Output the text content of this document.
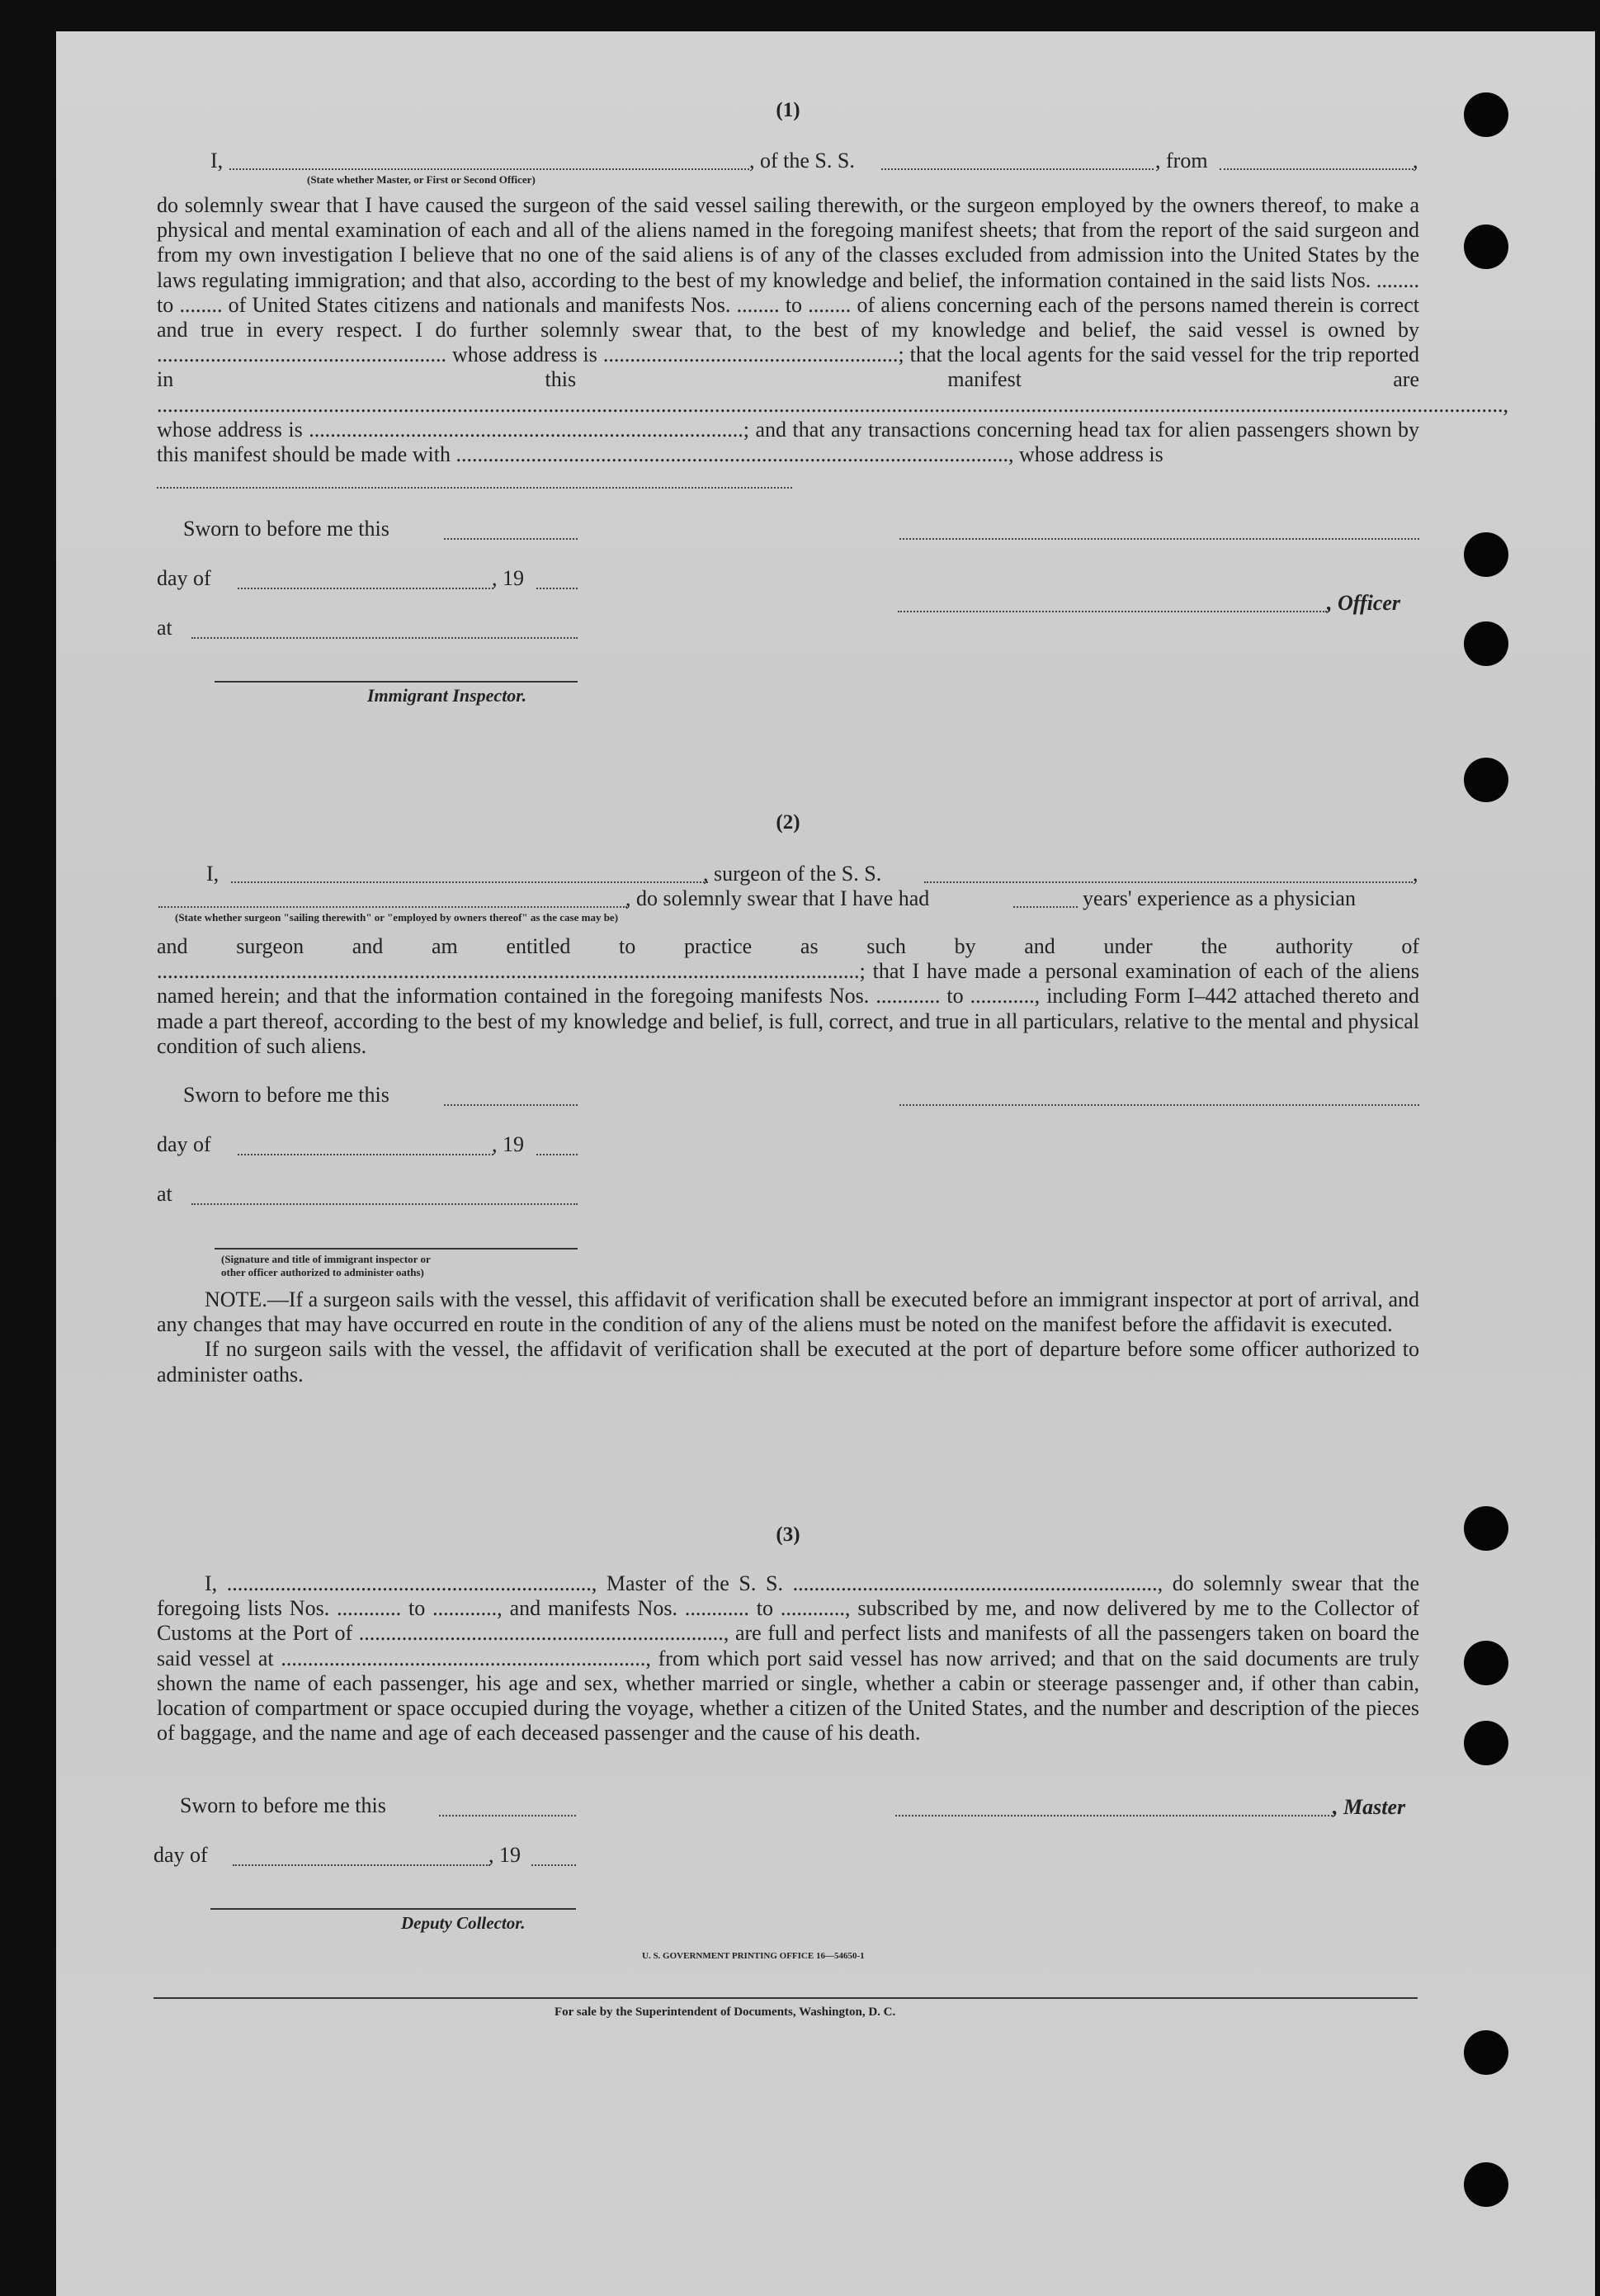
(1)
I,	, of the S. S.	, from	,
(State whether Master, or First or Second Officer)

do solemnly swear that I have caused the surgeon of the said vessel sailing therewith, or the surgeon employed by the owners thereof, to make a physical and mental examination of each and all of the aliens named in the foregoing manifest sheets; that from the report of the said surgeon and from my own investigation I believe that no one of the said aliens is of any of the classes excluded from admission into the United States by the laws regulating immigration; and that also, according to the best of my knowledge and belief, the information contained in the said lists Nos. ........ to ........ of United States citizens and nationals and manifests Nos. ........ to ........ of aliens concerning each of the persons named therein is correct and true in every respect. I do further solemnly swear that, to the best of my knowledge and belief, the said vessel is owned by ...................................................... whose address is .......................................................; that the local agents for the said vessel for the trip reported in this manifest are ...........................................................................................................................................................................................................................................................,

whose address is .................................................................................; and that any transactions concerning head tax for alien passengers shown by this manifest should be made with ......................................................................................................., whose address is

Sworn to before me this
day of	, 19
, Officer
at
Immigrant Inspector.
(2)
I,	, surgeon of the S. S.	,
, do solemnly swear that I have had	years' experience as a physician
(State whether surgeon "sailing therewith" or "employed by owners thereof" as the case may be)

and surgeon and am entitled to practice as such by and under the authority of ...................................................................................................................................; that I have made a personal examination of each of the aliens named herein; and that the information contained in the foregoing manifests Nos. ............ to ............, including Form I–442 attached thereto and made a part thereof, according to the best of my knowledge and belief, is full, correct, and true in all particulars, relative to the mental and physical condition of such aliens.

Sworn to before me this
day of	, 19
at
(Signature and title of immigrant inspector or
other officer authorized to administer oaths)

NOTE.—If a surgeon sails with the vessel, this affidavit of verification shall be executed before an immigrant inspector at port of arrival, and any changes that may have occurred en route in the condition of any of the aliens must be noted on the manifest before the affidavit is executed.

If no surgeon sails with the vessel, the affidavit of verification shall be executed at the port of departure before some officer authorized to administer oaths.

(3)

I, ...................................................................., Master of the S. S. ...................................................................., do solemnly swear that the foregoing lists Nos. ............ to ............, and manifests Nos. ............ to ............, subscribed by me, and now delivered by me to the Collector of Customs at the Port of ...................................................................., are full and perfect lists and manifests of all the passengers taken on board the said vessel at ...................................................................., from which port said vessel has now arrived; and that on the said documents are truly shown the name of each passenger, his age and sex, whether married or single, whether a cabin or steerage passenger and, if other than cabin, location of compartment or space occupied during the voyage, whether a citizen of the United States, and the number and description of the pieces of baggage, and the name and age of each deceased passenger and the cause of his death.

Sworn to before me this	, Master
day of	, 19
Deputy Collector.
U. S. GOVERNMENT PRINTING OFFICE 16—54650-1
For sale by the Superintendent of Documents, Washington, D. C.
